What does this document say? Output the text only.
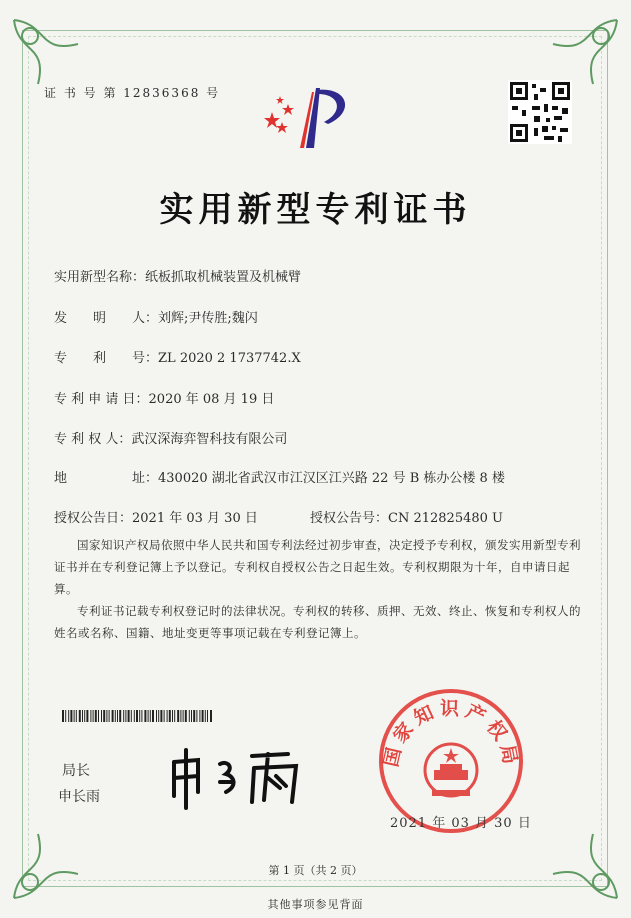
证 书 号 第 12836368 号
实用新型专利证书
实用新型名称：纸板抓取机械装置及机械臂
发　　明　　人：刘辉;尹传胜;魏闪
专　　利　　号：ZL 2020 2 1737742.X
专 利 申 请 日：2020 年 08 月 19 日
专 利 权 人：武汉深海弈智科技有限公司
地　　　　　址：430020 湖北省武汉市江汉区江兴路 22 号 B 栋办公楼 8 楼
授权公告日：2021 年 03 月 30 日	授权公告号：CN 212825480 U
国家知识产权局依照中华人民共和国专利法经过初步审查，决定授予专利权，颁发实用新型专利证书并在专利登记簿上予以登记。专利权自授权公告之日起生效。专利权期限为十年，自申请日起算。
专利证书记载专利权登记时的法律状况。专利权的转移、质押、无效、终止、恢复和专利权人的姓名或名称、国籍、地址变更等事项记载在专利登记簿上。
局长
申长雨
国家知识产权局
2021 年 03 月 30 日
第 1 页（共 2 页）
其他事项参见背面
